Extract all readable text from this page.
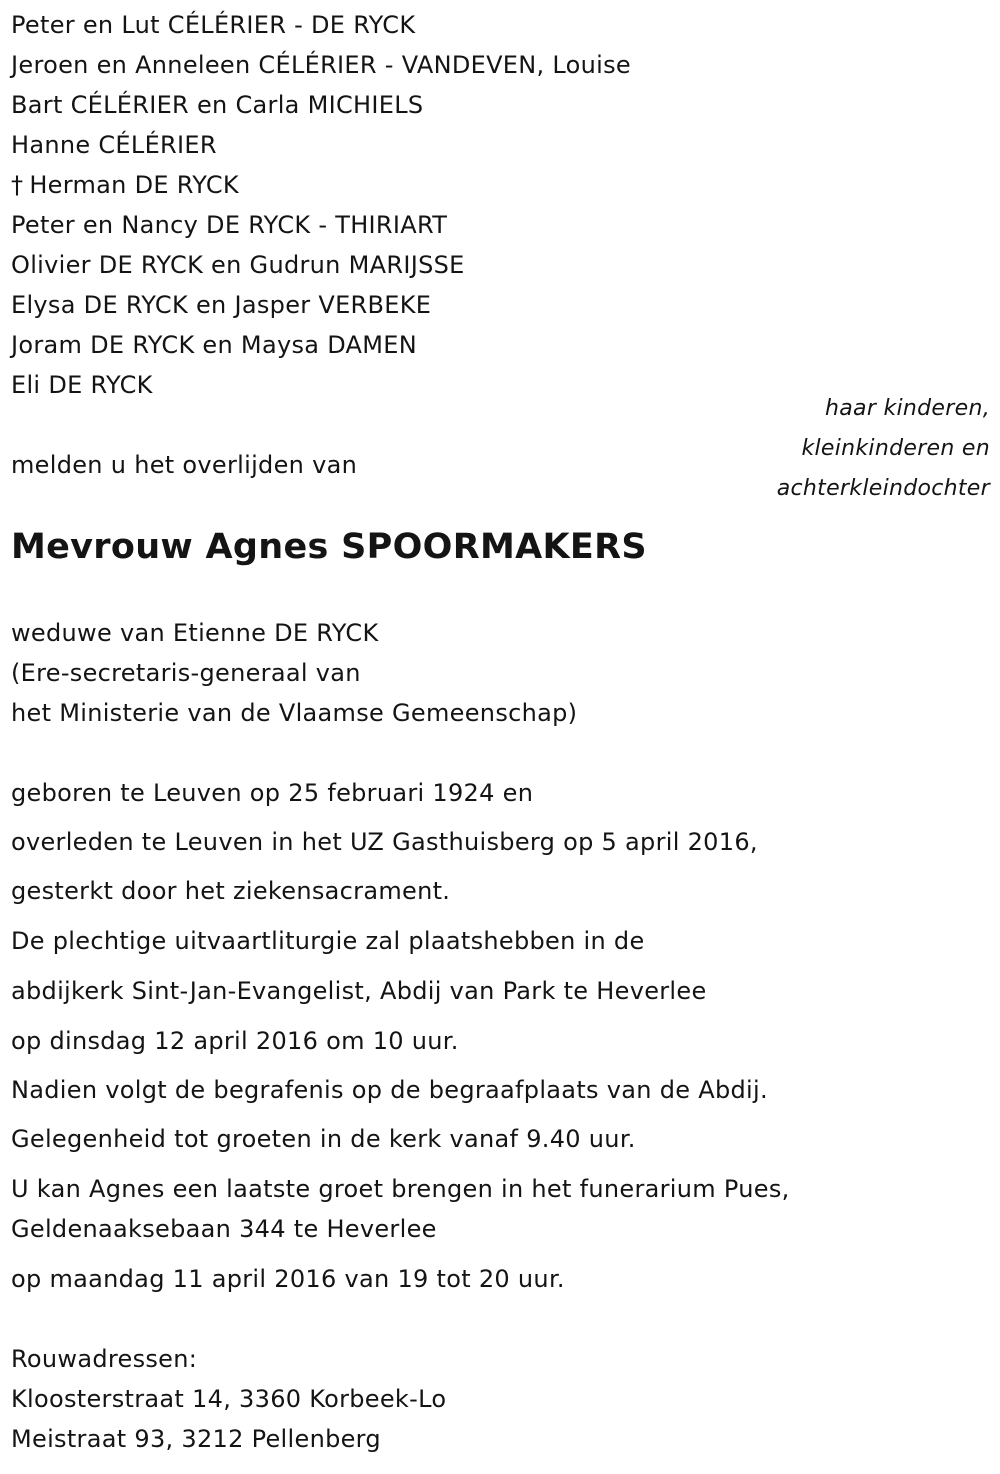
Peter en Lut CÉLÉRIER - DE RYCK
Jeroen en Anneleen CÉLÉRIER - VANDEVEN, Louise
Bart CÉLÉRIER en Carla MICHIELS
Hanne CÉLÉRIER
† Herman DE RYCK
Peter en Nancy DE RYCK - THIRIART
Olivier DE RYCK en Gudrun MARIJSSE
Elysa DE RYCK en Jasper VERBEKE
Joram DE RYCK en Maysa DAMEN
Eli DE RYCK
haar kinderen,
kleinkinderen en
achterkleindochter
melden u het overlijden van
Mevrouw Agnes SPOORMAKERS
weduwe van Etienne DE RYCK
(Ere-secretaris-generaal van
het Ministerie van de Vlaamse Gemeenschap)
geboren te Leuven op 25 februari 1924 en
overleden te Leuven in het UZ Gasthuisberg op 5 april 2016,
gesterkt door het ziekensacrament.
De plechtige uitvaartliturgie zal plaatshebben in de
abdijkerk Sint-Jan-Evangelist, Abdij van Park te Heverlee
op dinsdag 12 april 2016 om 10 uur.
Nadien volgt de begrafenis op de begraafplaats van de Abdij.
Gelegenheid tot groeten in de kerk vanaf 9.40 uur.
U kan Agnes een laatste groet brengen in het funerarium Pues,
Geldenaaksebaan 344 te Heverlee
op maandag 11 april 2016 van 19 tot 20 uur.
Rouwadressen:
Kloosterstraat 14, 3360 Korbeek-Lo
Meistraat 93, 3212 Pellenberg
